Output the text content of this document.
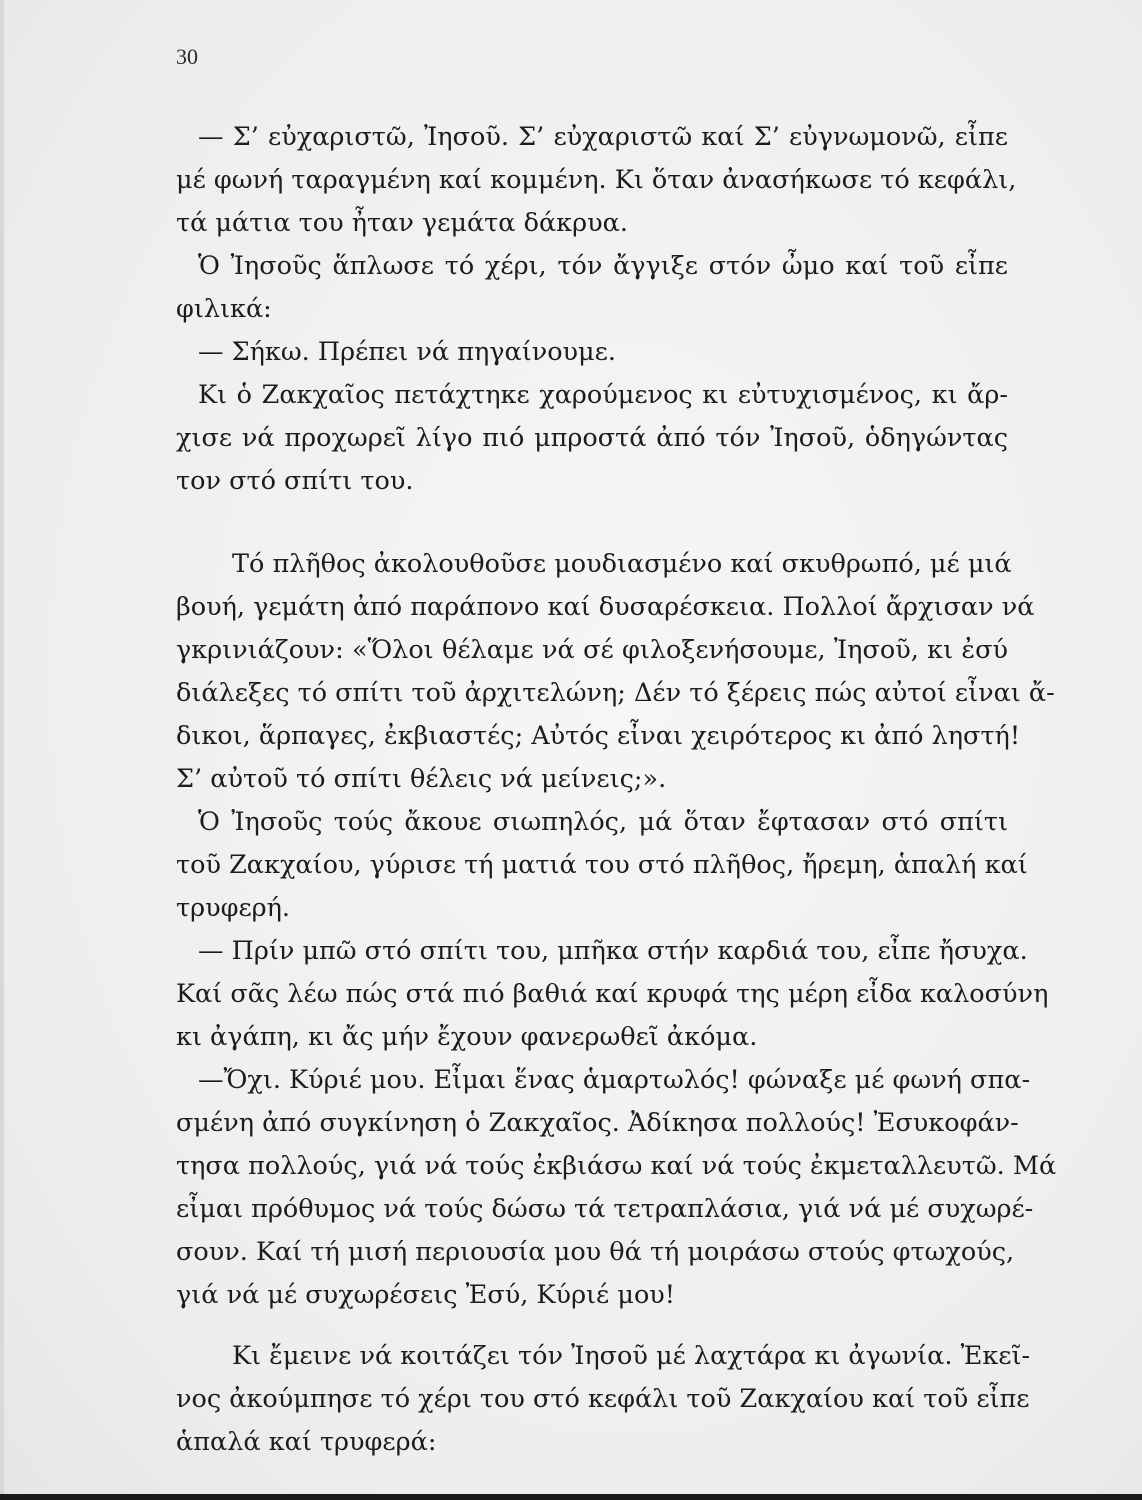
30
— Σ’ εὐχαριστῶ, Ἰησοῦ. Σ’ εὐχαριστῶ καί Σ’ εὐγνωμονῶ, εἶπε
μέ φωνή ταραγμένη καί κομμένη. Κι ὅταν ἀνασήκωσε τό κεφάλι,
τά μάτια του ἦταν γεμάτα δάκρυα.
Ὁ Ἰησοῦς ἅπλωσε τό χέρι, τόν ἄγγιξε στόν ὦμο καί τοῦ εἶπε
φιλικά:
— Σήκω. Πρέπει νά πηγαίνουμε.
Κι ὁ Ζακχαῖος πετάχτηκε χαρούμενος κι εὐτυχισμένος, κι ἄρ-
χισε νά προχωρεῖ λίγο πιό μπροστά ἀπό τόν Ἰησοῦ, ὁδηγώντας
τον στό σπίτι του.
Τό πλῆθος ἀκολουθοῦσε μουδιασμένο καί σκυθρωπό, μέ μιά
βουή, γεμάτη ἀπό παράπονο καί δυσαρέσκεια. Πολλοί ἄρχισαν νά
γκρινιάζουν: «Ὅλοι θέλαμε νά σέ φιλοξενήσουμε, Ἰησοῦ, κι ἐσύ
διάλεξες τό σπίτι τοῦ ἀρχιτελώνη; Δέν τό ξέρεις πώς αὐτοί εἶναι ἄ-
δικοι, ἅρπαγες, ἐκβιαστές; Αὐτός εἶναι χειρότερος κι ἀπό ληστή!
Σ’ αὐτοῦ τό σπίτι θέλεις νά μείνεις;».
Ὁ Ἰησοῦς τούς ἄκουε σιωπηλός, μά ὅταν ἔφτασαν στό σπίτι
τοῦ Ζακχαίου, γύρισε τή ματιά του στό πλῆθος, ἤρεμη, ἁπαλή καί
τρυφερή.
— Πρίν μπῶ στό σπίτι του, μπῆκα στήν καρδιά του, εἶπε ἤσυχα.
Καί σᾶς λέω πώς στά πιό βαθιά καί κρυφά της μέρη εἶδα καλοσύνη
κι ἀγάπη, κι ἄς μήν ἔχουν φανερωθεῖ ἀκόμα.
—Ὄχι. Κύριέ μου. Εἶμαι ἕνας ἁμαρτωλός! φώναξε μέ φωνή σπα-
σμένη ἀπό συγκίνηση ὁ Ζακχαῖος. Ἀδίκησα πολλούς! Ἐσυκοφάν-
τησα πολλούς, γιά νά τούς ἐκβιάσω καί νά τούς ἐκμεταλλευτῶ. Μά
εἶμαι πρόθυμος νά τούς δώσω τά τετραπλάσια, γιά νά μέ συχωρέ-
σουν. Καί τή μισή περιουσία μου θά τή μοιράσω στούς φτωχούς,
γιά νά μέ συχωρέσεις Ἐσύ, Κύριέ μου!
Κι ἔμεινε νά κοιτάζει τόν Ἰησοῦ μέ λαχτάρα κι ἀγωνία. Ἐκεῖ-
νος ἀκούμπησε τό χέρι του στό κεφάλι τοῦ Ζακχαίου καί τοῦ εἶπε
ἁπαλά καί τρυφερά:
